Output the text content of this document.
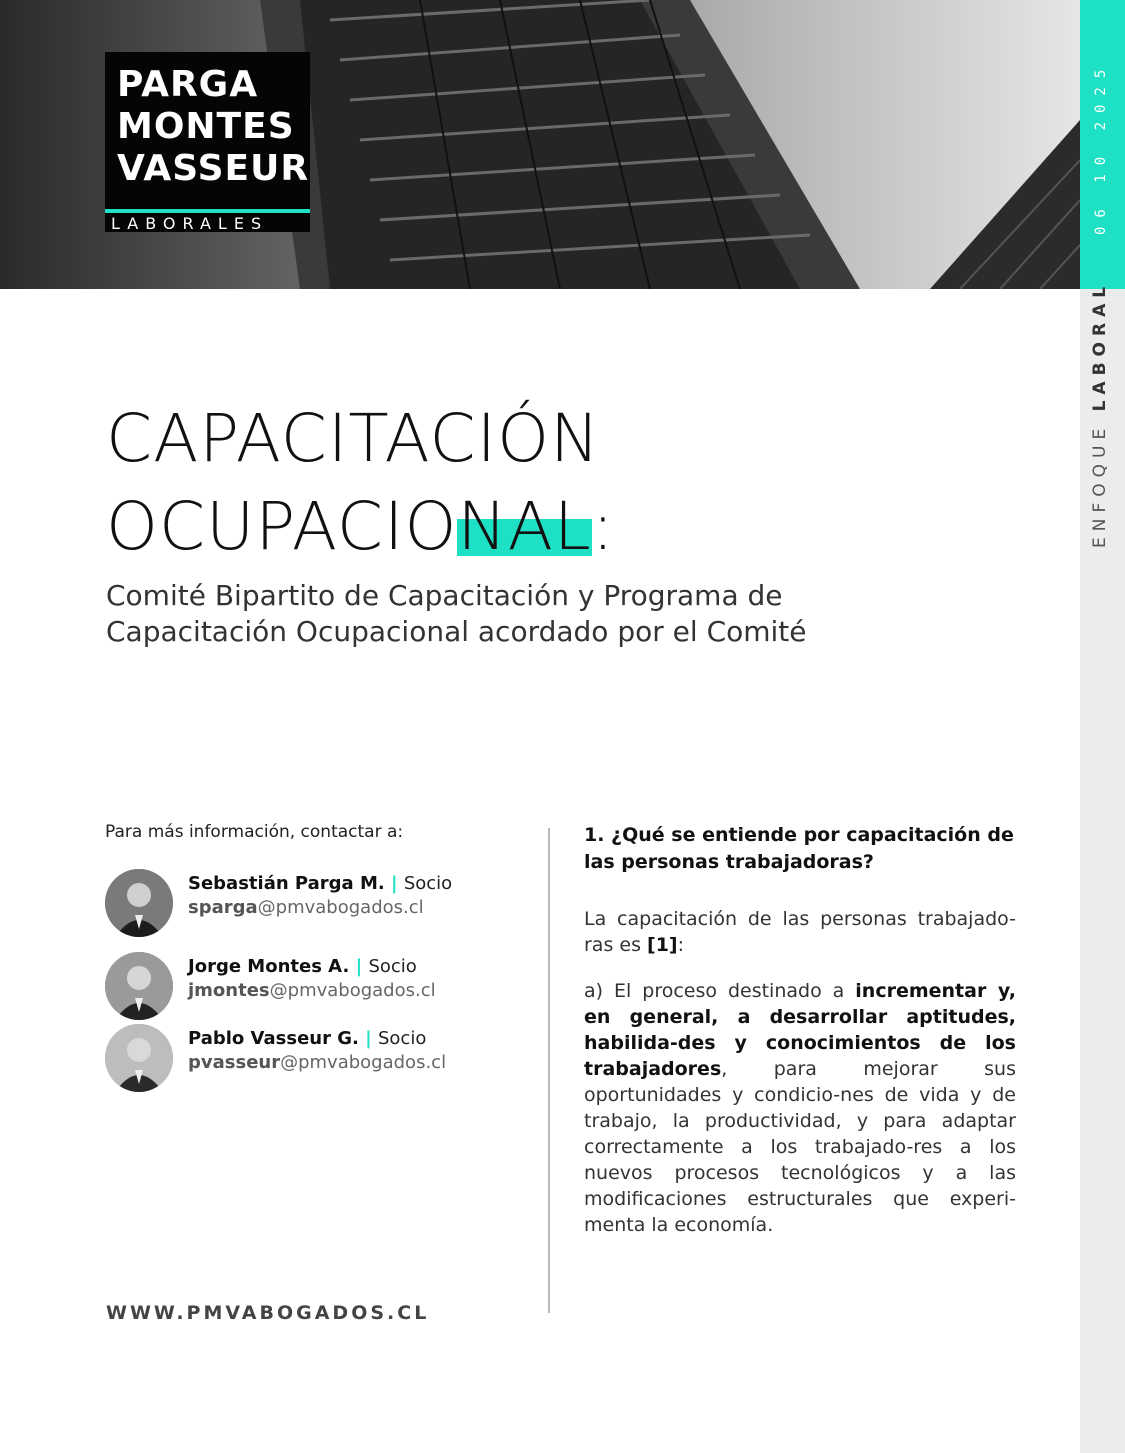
PARGA
MONTES
VASSEUR
LABORALES	06 10 2025
ENFOQUE LABORAL
CAPACITACIÓN
OCUPACIONAL:
Comité Bipartito de Capacitación y Programa de
Capacitación Ocupacional acordado por el Comité
Para más información, contactar a:
Sebastián Parga M. | Socio
sparga@pmvabogados.cl
Jorge Montes A. | Socio
jmontes@pmvabogados.cl
Pablo Vasseur G. | Socio
pvasseur@pmvabogados.cl
1. ¿Qué se entiende por capacitación de las personas trabajadoras?

La capacitación de las personas trabajado-ras es [1]:

a) El proceso destinado a incrementar y, en general, a desarrollar aptitudes, habilida-des y conocimientos de los trabajadores, para mejorar sus oportunidades y condicio-nes de vida y de trabajo, la productividad, y para adaptar correctamente a los trabajado-res a los nuevos procesos tecnológicos y a las modificaciones estructurales que experi-menta la economía.

WWW.PMVABOGADOS.CL
